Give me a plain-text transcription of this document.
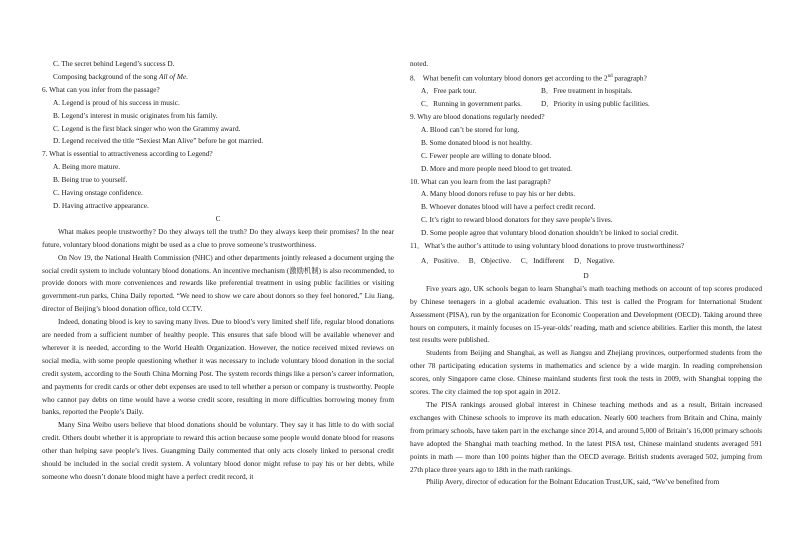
C. The secret behind Legend’s success D.
Composing background of the song All of Me.
6. What can you infer from the passage?
A. Legend is proud of his success in music.
B. Legend’s interest in music originates from his family.
C. Legend is the first black singer who won the Grammy award.
D. Legend received the title “Sexiest Man Alive” before he got married.
7. What is essential to attractiveness according to Legend?
A. Being more mature.
B. Being true to yourself.
C. Having onstage confidence.
D. Having attractive appearance.
C
What makes people trustworthy? Do they always tell the truth? Do they always keep their promises? In the near future, voluntary blood donations might be used as a clue to prove someone’s trustworthiness.
On Nov 19, the National Health Commission (NHC) and other departments jointly released a document urging the social credit system to include voluntary blood donations. An incentive mechanism (激励机制) is also recommended, to provide donors with more conveniences and rewards like preferential treatment in using public facilities or visiting government-run parks, China Daily reported. “We need to show we care about donors so they feel honored,” Liu Jiang, director of Beijing’s blood donation office, told CCTV.
Indeed, donating blood is key to saving many lives. Due to blood’s very limited shelf life, regular blood donations are needed from a sufficient number of healthy people. This ensures that safe blood will be available whenever and wherever it is needed, according to the World Health Organization. However, the notice received mixed reviews on social media, with some people questioning whether it was necessary to include voluntary blood donation in the social credit system, according to the South China Morning Post. The system records things like a person’s career information, and payments for credit cards or other debt expenses are used to tell whether a person or company is trustworthy. People who cannot pay debts on time would have a worse credit score, resulting in more difficulties borrowing money from banks, reported the People’s Daily.
Many Sina Weibo users believe that blood donations should be voluntary. They say it has little to do with social credit. Others doubt whether it is appropriate to reward this action because some people would donate blood for reasons other than helping save people’s lives. Guangming Daily commented that only acts closely linked to personal credit should be included in the social credit system. A voluntary blood donor might refuse to pay his or her debts, while someone who doesn’t donate blood might have a perfect credit record, it
noted.
8.    What benefit can voluntary blood donors get according to the 2nd paragraph?
A．Free park tour.	B．Free treatment in hospitals.
C．Running in government parks.	D．Priority in using public facilities.
9. Why are blood donations regularly needed?
A. Blood can’t be stored for long.
B. Some donated blood is not healthy.
C. Fewer people are willing to donate blood.
D. More and more people need blood to get treated.
10. What can you learn from the last paragraph?
A. Many blood donors refuse to pay his or her debts.
B. Whoever donates blood will have a perfect credit record.
C. It’s right to reward blood donators for they save people’s lives.
D. Some people agree that voluntary blood donation shouldn’t be linked to social credit.
11．What’s the author’s attitude to using voluntary blood donations to prove trustworthiness?
A．Positive. B．Objective. C．Indifferent D．Negative.
D
Five years ago, UK schools began to learn Shanghai’s math teaching methods on account of top scores produced by Chinese teenagers in a global academic evaluation. This test is called the Program for International Student Assessment (PISA), run by the organization for Economic Cooperation and Development (OECD). Taking around three hours on computers, it mainly focuses on 15-year-olds’ reading, math and science abilities. Earlier this month, the latest test results were published.
Students from Beijing and Shanghai, as well as Jiangsu and Zhejiang provinces, outperformed students from the other 78 participating education systems in mathematics and science by a wide margin. In reading comprehension scores, only Singapore came close. Chinese mainland students first took the tests in 2009, with Shanghai topping the scores. The city claimed the top spot again in 2012.
The PISA rankings aroused global interest in Chinese teaching methods and as a result, Britain increased exchanges with Chinese schools to improve its math education. Nearly 600 teachers from Britain and China, mainly from primary schools, have taken part in the exchange since 2014, and around 5,000 of Britain’s 16,000 primary schools have adopted the Shanghai math teaching method. In the latest PISA test, Chinese mainland students averaged 591 points in math — more than 100 points higher than the OECD average. British students averaged 502, jumping from 27th place three years ago to 18th in the math rankings.
Philip Avery, director of education for the Bolnant Education Trust,UK, said, “We’ve benefited from
